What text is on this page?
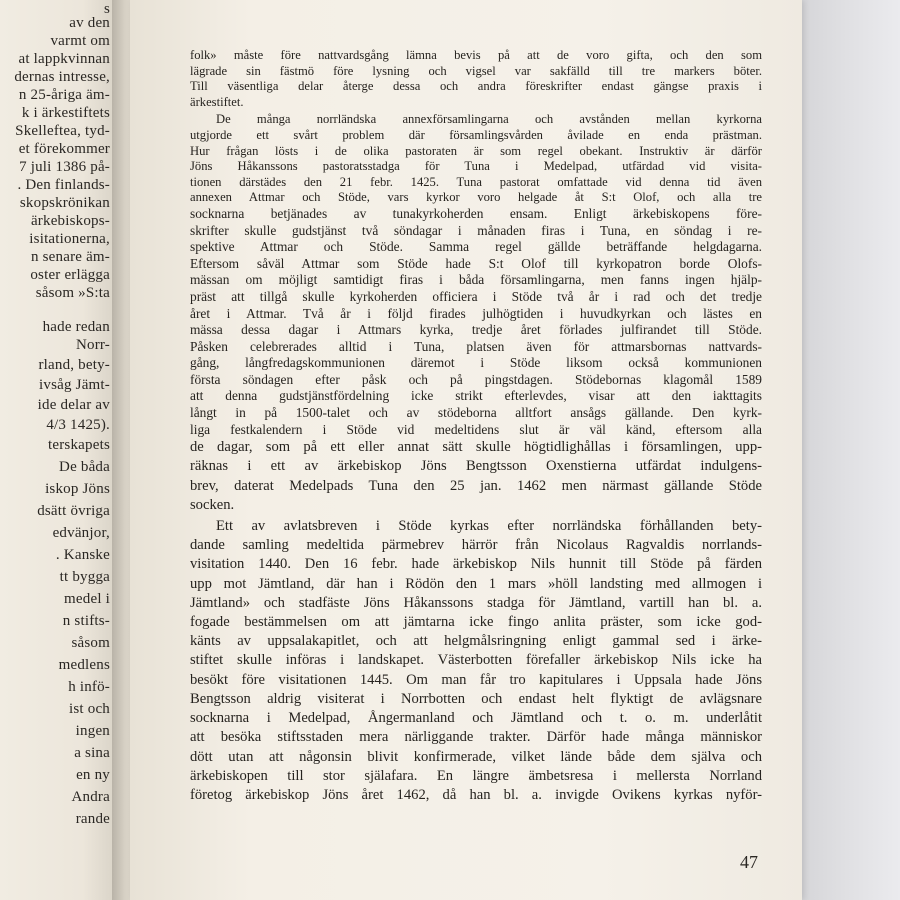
s
av den
varmt om
at lappkvinnan
dernas intresse,
n 25-åriga äm-
k i ärkestiftets
Skelleftea, tyd-
et förekommer
7 juli 1386 på-
. Den finlands-
skopskrönikan
ärkebiskops-
isitationerna,
n senare äm-
oster erlägga
såsom »S:ta
hade redan
Norr-
rland, bety-
ivsåg Jämt-
ide delar av
4/3 1425).
terskapets
De båda
iskop Jöns
dsätt övriga
edvänjor,
. Kanske
tt bygga
medel i
n stifts-
såsom
medlens
h infö-
ist och
ingen
a sina
en ny
Andra
rande
folk» måste före nattvardsgång lämna bevis på att de voro gifta, och den som
lägrade sin fästmö före lysning och vigsel var sakfälld till tre markers böter.
Till väsentliga delar återge dessa och andra föreskrifter endast gängse praxis i
ärkestiftet.
De många norrländska annexförsamlingarna och avstånden mellan kyrkorna
utgjorde ett svårt problem där församlingsvården åvilade en enda prästman.
Hur frågan lösts i de olika pastoraten är som regel obekant. Instruktiv är därför
Jöns Håkanssons pastoratsstadga för Tuna i Medelpad, utfärdad vid visita-
tionen därstädes den 21 febr. 1425. Tuna pastorat omfattade vid denna tid även
annexen Attmar och Stöde, vars kyrkor voro helgade åt S:t Olof, och alla tre
socknarna betjänades av tunakyrkoherden ensam. Enligt ärkebiskopens före-
skrifter skulle gudstjänst två söndagar i månaden firas i Tuna, en söndag i re-
spektive Attmar och Stöde. Samma regel gällde beträffande helgdagarna.
Eftersom såväl Attmar som Stöde hade S:t Olof till kyrkopatron borde Olofs-
mässan om möjligt samtidigt firas i båda församlingarna, men fanns ingen hjälp-
präst att tillgå skulle kyrkoherden officiera i Stöde två år i rad och det tredje
året i Attmar. Två år i följd firades julhögtiden i huvudkyrkan och lästes en
mässa dessa dagar i Attmars kyrka, tredje året förlades julfirandet till Stöde.
Påsken celebrerades alltid i Tuna, platsen även för attmarsbornas nattvards-
gång, långfredagskommunionen däremot i Stöde liksom också kommunionen
första söndagen efter påsk och på pingstdagen. Stödebornas klagomål 1589
att denna gudstjänstfördelning icke strikt efterlevdes, visar att den iakttagits
långt in på 1500-talet och av stödeborna alltfort ansågs gällande. Den kyrk-
liga festkalendern i Stöde vid medeltidens slut är väl känd, eftersom alla
de dagar, som på ett eller annat sätt skulle högtidlighållas i församlingen, upp-
räknas i ett av ärkebiskop Jöns Bengtsson Oxenstierna utfärdat indulgens-
brev, daterat Medelpads Tuna den 25 jan. 1462 men närmast gällande Stöde
socken.
Ett av avlatsbreven i Stöde kyrkas efter norrländska förhållanden bety-
dande samling medeltida pärmebrev härrör från Nicolaus Ragvaldis norrlands-
visitation 1440. Den 16 febr. hade ärkebiskop Nils hunnit till Stöde på färden
upp mot Jämtland, där han i Rödön den 1 mars »höll landsting med allmogen i
Jämtland» och stadfäste Jöns Håkanssons stadga för Jämtland, vartill han bl. a.
fogade bestämmelsen om att jämtarna icke fingo anlita präster, som icke god-
känts av uppsalakapitlet, och att helgmålsringning enligt gammal sed i ärke-
stiftet skulle införas i landskapet. Västerbotten förefaller ärkebiskop Nils icke ha
besökt före visitationen 1445. Om man får tro kapitulares i Uppsala hade Jöns
Bengtsson aldrig visiterat i Norrbotten och endast helt flyktigt de avlägsnare
socknarna i Medelpad, Ångermanland och Jämtland och t. o. m. underlåtit
att besöka stiftsstaden mera närliggande trakter. Därför hade många människor
dött utan att någonsin blivit konfirmerade, vilket lände både dem själva och
ärkebiskopen till stor själafara. En längre ämbetsresa i mellersta Norrland
företog ärkebiskop Jöns året 1462, då han bl. a. invigde Ovikens kyrkas nyför-
47
